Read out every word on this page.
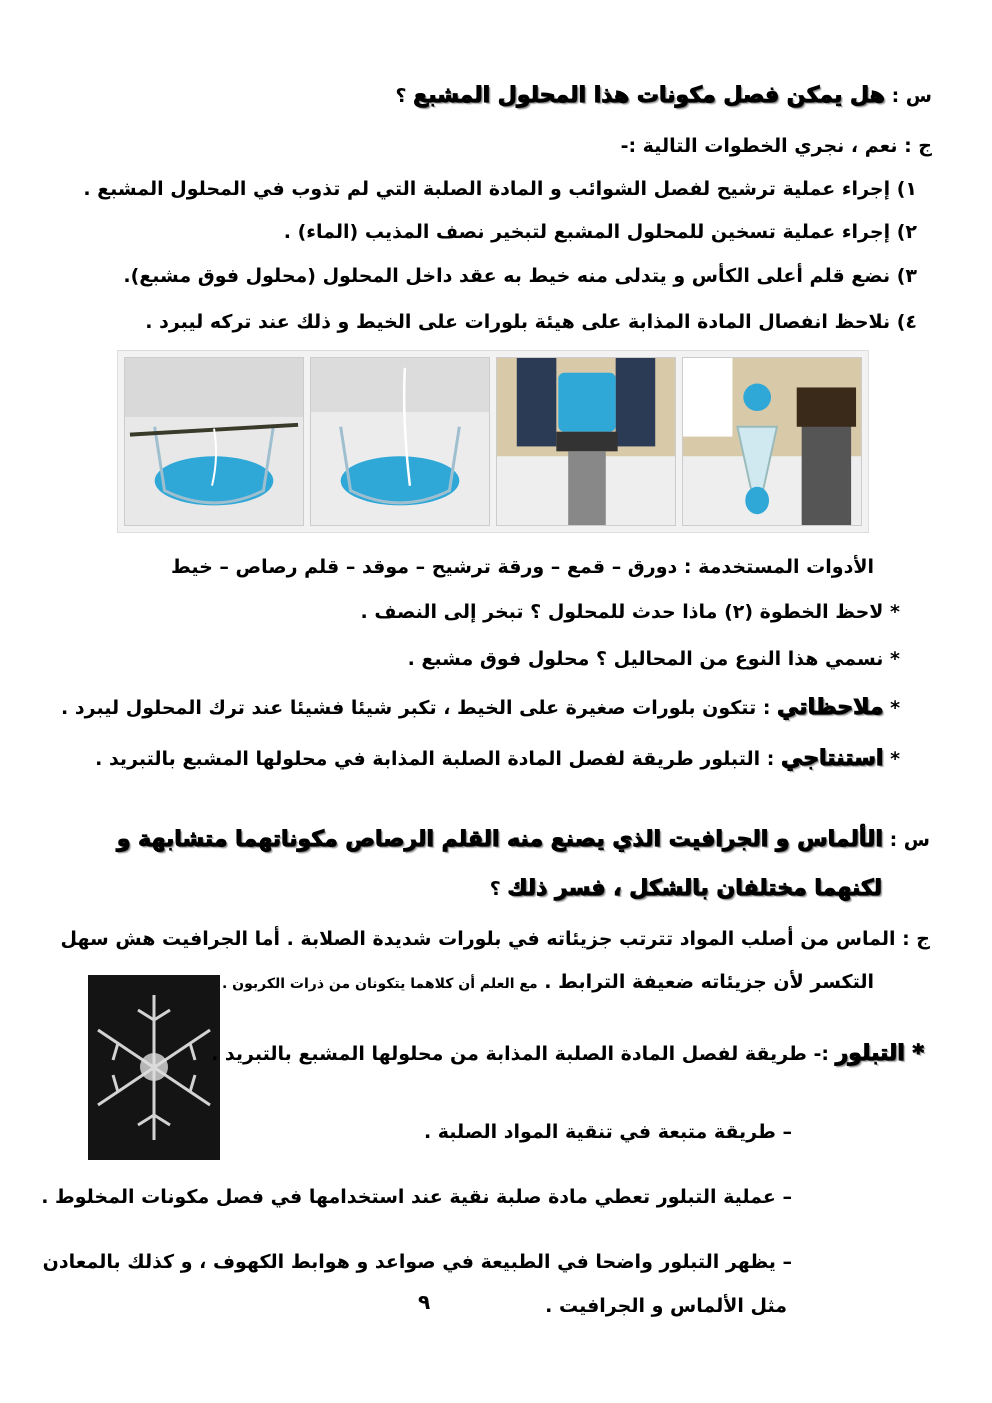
س : هل يمكن فصل مكونات هذا المحلول المشبع ؟
ج : نعم ، نجري الخطوات التالية :-
١) إجراء عملية ترشيح لفصل الشوائب و المادة الصلبة التي لم تذوب في المحلول المشبع .
٢) إجراء عملية تسخين للمحلول المشبع لتبخير نصف المذيب (الماء) .
٣) نضع قلم أعلى الكأس و يتدلى منه خيط به عقد داخل المحلول (محلول فوق مشبع).
٤) نلاحظ انفصال المادة المذابة على هيئة بلورات على الخيط و ذلك عند تركه ليبرد .
الأدوات المستخدمة : دورق – قمع – ورقة ترشيح – موقد – قلم رصاص – خيط
* لاحظ الخطوة (٢) ماذا حدث للمحلول ؟ تبخر إلى النصف .
* نسمي هذا النوع من المحاليل ؟ محلول فوق مشبع .
* ملاحظاتي : تتكون بلورات صغيرة على الخيط ، تكبر شيئا فشيئا عند ترك المحلول ليبرد .
* استنتاجي : التبلور طريقة لفصل المادة الصلبة المذابة في محلولها المشبع بالتبريد .
س : الألماس و الجرافيت الذي يصنع منه القلم الرصاص مكوناتهما متشابهة و
لكنهما مختلفان بالشكل ، فسر ذلك ؟
ج : الماس من أصلب المواد تترتب جزيئاته في بلورات شديدة الصلابة . أما الجرافيت هش سهل
التكسر لأن جزيئاته ضعيفة الترابط . مع العلم أن كلاهما يتكونان من ذرات الكربون .
* التبلور :- طريقة لفصل المادة الصلبة المذابة من محلولها المشبع بالتبريد .
– طريقة متبعة في تنقية المواد الصلبة .
– عملية التبلور تعطي مادة صلبة نقية عند استخدامها في فصل مكونات المخلوط .
– يظهر التبلور واضحا في الطبيعة في صواعد و هوابط الكهوف ، و كذلك بالمعادن
مثل الألماس و الجرافيت .
٩
